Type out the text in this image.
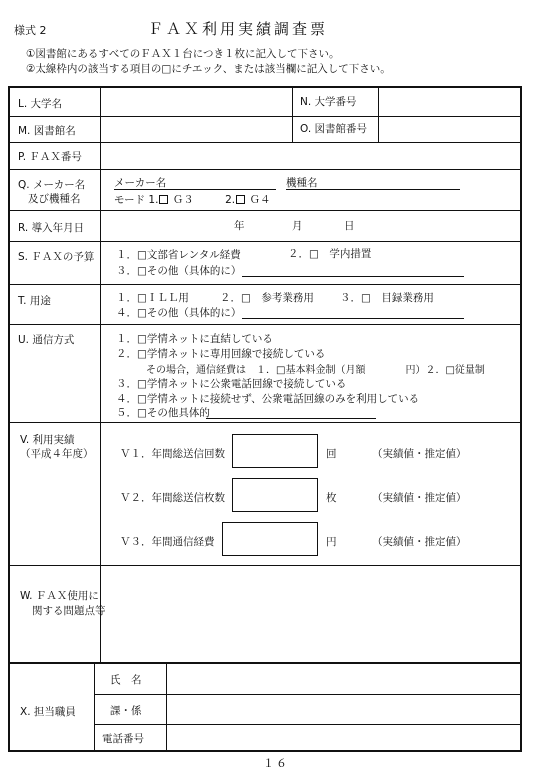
様式 2	ＦＡＸ利用実績調査票
①図書館にあるすべてのＦＡＸ１台につき１枚に記入して下さい。
②太線枠内の該当する項目の□にチエック、または該当欄に記入して下さい。
L. 大学名	N. 大学番号
M. 図書館名	O. 図書館番号
P. ＦＡＸ番号
Q. メーカー名
及び機種名
メーカー名	機種名
モード 1. Ｇ３	2. Ｇ４
R. 導入年月日	年	月	日
S. ＦＡＸの予算 １．□文部省レンタル経費	２．□　学内措置
３．□その他（具体的に）
T. 用途	１．□ＩＬＬ用	２．□　参考業務用 ３．□　目録業務用
４．□その他（具体的に）
U. 通信方式	１．□学情ネットに直結している
２．□学情ネットに専用回線で接続している
その場合，通信経費は　１．□基本料金制（月額　　　　円）２．□従量制
３．□学情ネットに公衆電話回線で接続している
４．□学情ネットに接続せず、公衆電話回線のみを利用している
５．□その他具体的
V. 利用実績
（平成４年度）	Ｖ１．年間総送信回数	回	（実績値・推定値）
Ｖ２．年間総送信枚数	枚	（実績値・推定値）
Ｖ３．年間通信経費	円	（実績値・推定値）
W. ＦＡＸ使用に
関する問題点等
X. 担当職員
氏　名
課・係
電話番号
１６
